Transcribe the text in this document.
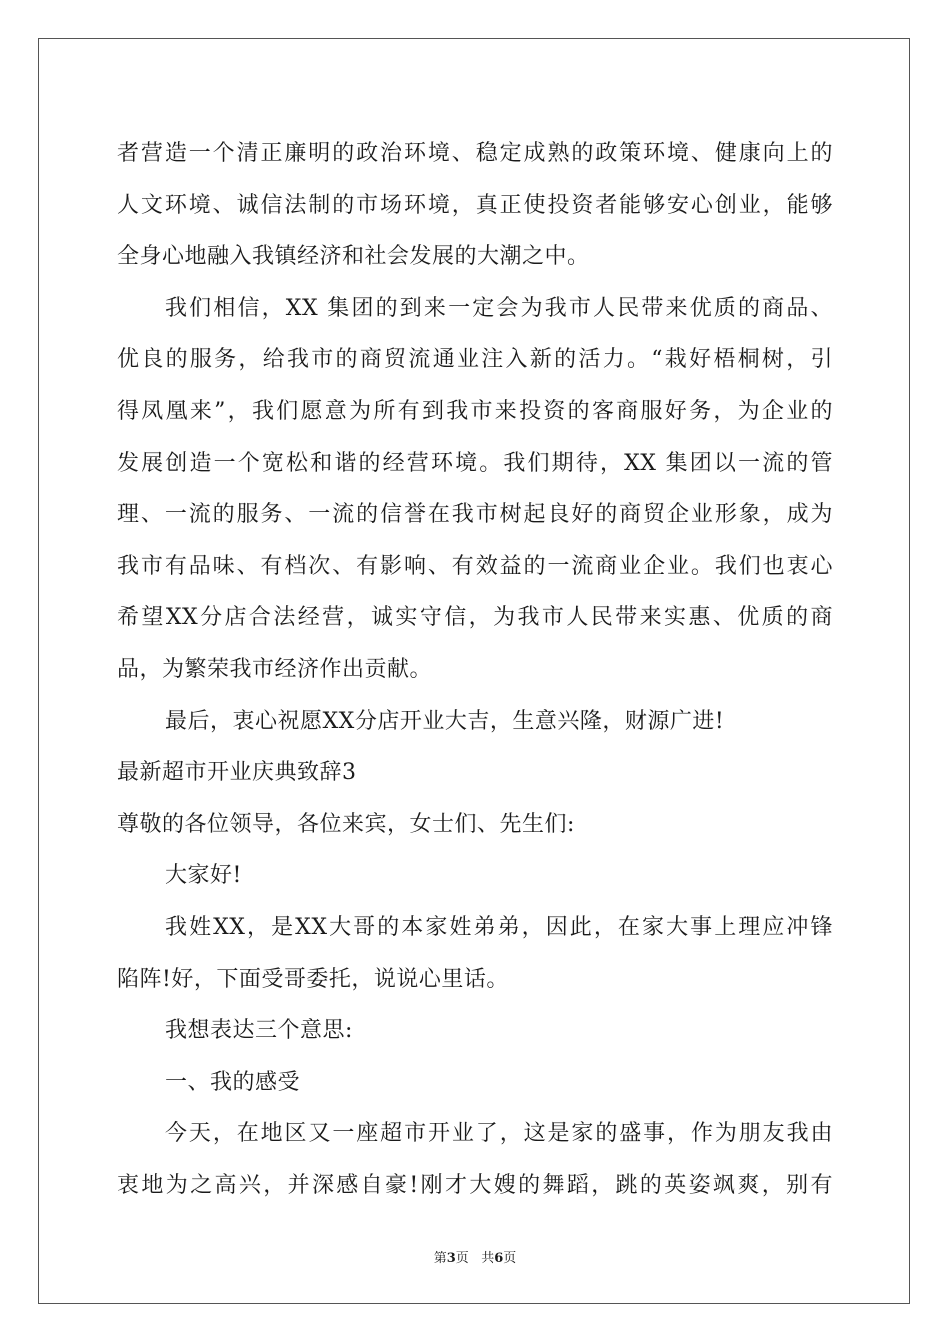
者营造一个清正廉明的政治环境、稳定成熟的政策环境、健康向上的
人文环境、诚信法制的市场环境，真正使投资者能够安心创业，能够
全身心地融入我镇经济和社会发展的大潮之中。
我们相信，XX 集团的到来一定会为我市人民带来优质的商品、
优良的服务，给我市的商贸流通业注入新的活力。“栽好梧桐树，引
得凤凰来”，我们愿意为所有到我市来投资的客商服好务，为企业的
发展创造一个宽松和谐的经营环境。我们期待，XX 集团以一流的管
理、一流的服务、一流的信誉在我市树起良好的商贸企业形象，成为
我市有品味、有档次、有影响、有效益的一流商业企业。我们也衷心
希望XX分店合法经营，诚实守信，为我市人民带来实惠、优质的商
品，为繁荣我市经济作出贡献。
最后，衷心祝愿XX分店开业大吉，生意兴隆，财源广进!
最新超市开业庆典致辞3
尊敬的各位领导，各位来宾，女士们、先生们:
大家好!
我姓XX，是XX大哥的本家姓弟弟，因此，在家大事上理应冲锋
陷阵!好，下面受哥委托，说说心里话。
我想表达三个意思:
一、我的感受
今天，在地区又一座超市开业了，这是家的盛事，作为朋友我由
衷地为之高兴，并深感自豪!刚才大嫂的舞蹈，跳的英姿飒爽，别有
第3页 共6页
